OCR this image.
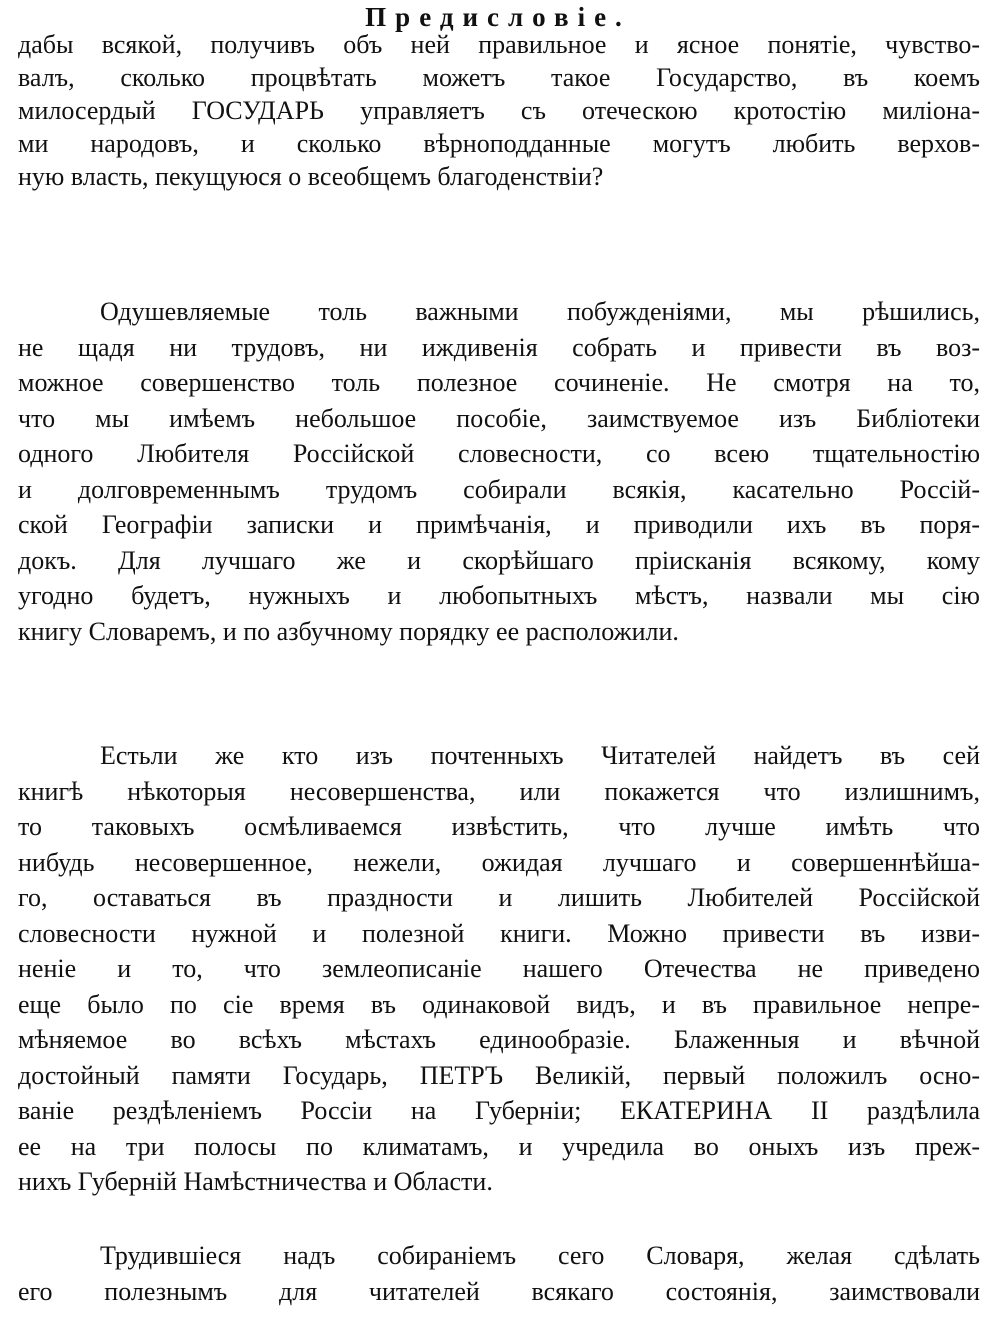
Предисловіе.
дабы всякой, получивъ объ ней правильное и ясное понятіе, чувство-
валъ, сколько процвѣтать можетъ такое Государство, въ коемъ
милосердый ГОСУДАРЬ управляетъ съ отеческою кротостію миліона-
ми народовъ, и сколько вѣрноподданные могутъ любить верхов-
ную власть, пекущуюся о всеобщемъ благоденствіи?
Одушевляемые толь важными побужденіями, мы рѣшились,
не щадя ни трудовъ, ни иждивенія собрать и привести въ воз-
можное совершенство толь полезное сочиненіе. Не смотря на то,
что мы имѣемъ небольшое пособіе, заимствуемое изъ Библіотеки
одного Любителя Россійской словесности, со всею тщательностію
и долговременнымъ трудомъ собирали всякія, касательно Россій-
ской Географіи записки и примѣчанія, и приводили ихъ въ поря-
докъ. Для лучшаго же и скорѣйшаго пріисканія всякому, кому
угодно будетъ, нужныхъ и любопытныхъ мѣстъ, назвали мы сію
книгу Словаремъ, и по азбучному порядку ее расположили.
Естьли же кто изъ почтенныхъ Читателей найдетъ въ сей
книгѣ нѣкоторыя несовершенства, или покажется что излишнимъ,
то таковыхъ осмѣливаемся извѣстить, что лучше имѣть что
нибудь несовершенное, нежели, ожидая лучшаго и совершеннѣйша-
го, оставаться въ праздности и лишить Любителей Россійской
словесности нужной и полезной книги. Можно привести въ изви-
неніе и то, что землеописаніе нашего Отечества не приведено
еще было по сіе время въ одинаковой видъ, и въ правильное непре-
мѣняемое во всѣхъ мѣстахъ единообразіе. Блаженныя и вѣчной
достойный памяти Государь, ПЕТРЪ Великій, первый положилъ осно-
ваніе рездѣленіемъ Россіи на Губерніи; ЕКАТЕРИНА II раздѣлила
ее на три полосы по климатамъ, и учредила во оныхъ изъ преж-
нихъ Губерній Намѣстничества и Области.
Трудившіеся надъ собираніемъ сего Словаря, желая сдѣлать
его полезнымъ для читателей всякаго состоянія, заимствовали
